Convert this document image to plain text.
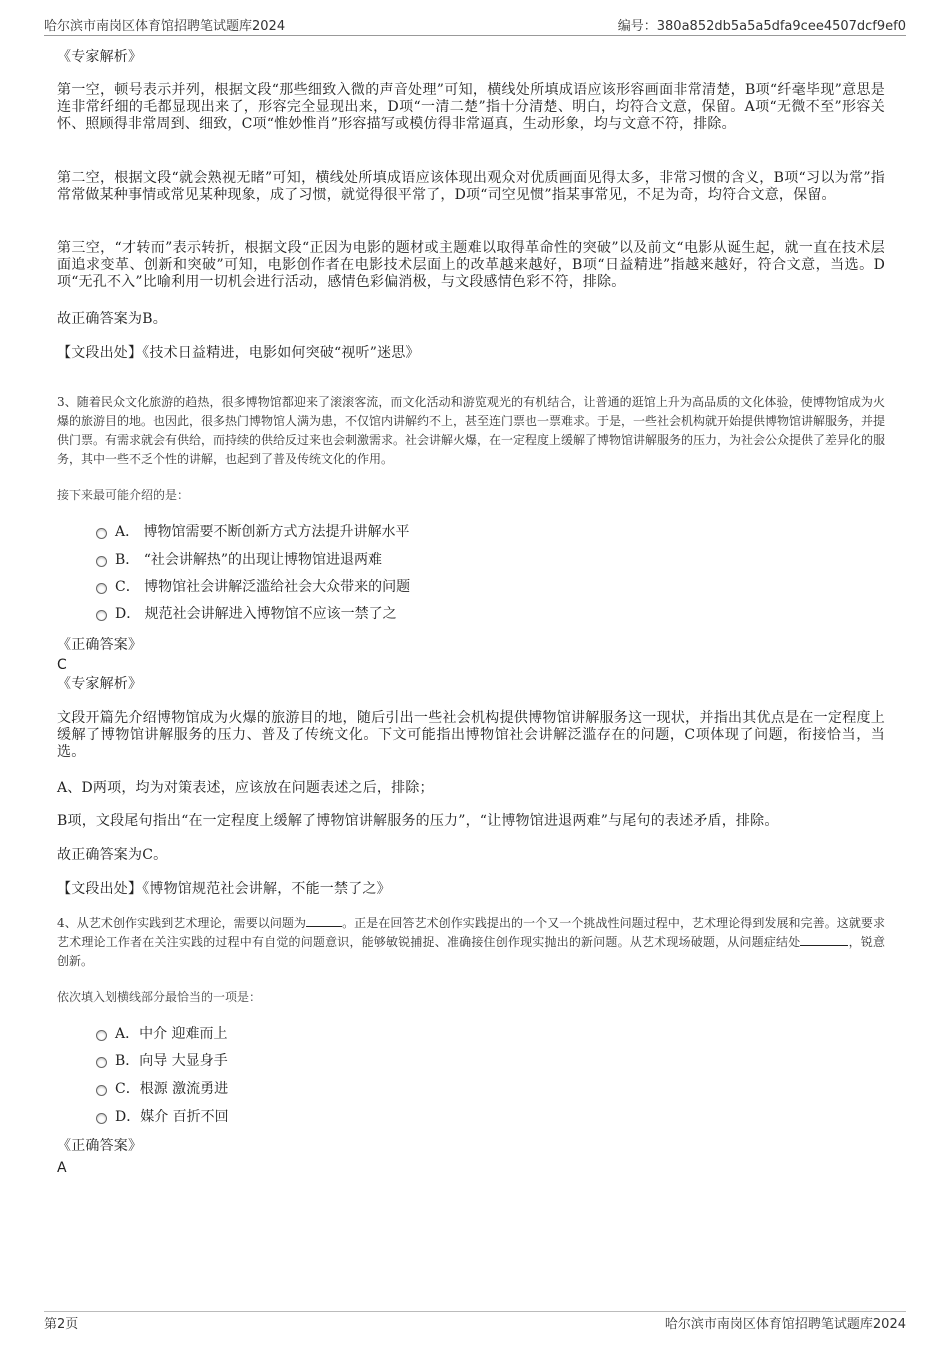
哈尔滨市南岗区体育馆招聘笔试题库2024	编号：380a852db5a5a5dfa9cee4507dcf9ef0

《专家解析》

第一空，顿号表示并列，根据文段“那些细致入微的声音处理”可知，横线处所填成语应该形容画面非常清楚，B项“纤毫毕现”意思是连非常纤细的毛都显现出来了，形容完全显现出来，D项“一清二楚”指十分清楚、明白，均符合文意，保留。A项“无微不至”形容关怀、照顾得非常周到、细致，C项“惟妙惟肖”形容描写或模仿得非常逼真，生动形象，均与文意不符，排除。

第二空，根据文段“就会熟视无睹”可知，横线处所填成语应该体现出观众对优质画面见得太多，非常习惯的含义，B项“习以为常”指常常做某种事情或常见某种现象，成了习惯，就觉得很平常了，D项“司空见惯”指某事常见，不足为奇，均符合文意，保留。

第三空，“才转而”表示转折，根据文段“正因为电影的题材或主题难以取得革命性的突破”以及前文“电影从诞生起，就一直在技术层面追求变革、创新和突破”可知，电影创作者在电影技术层面上的改革越来越好，B项“日益精进”指越来越好，符合文意，当选。D项“无孔不入”比喻利用一切机会进行活动，感情色彩偏消极，与文段感情色彩不符，排除。

故正确答案为B。

【文段出处】《技术日益精进，电影如何突破“视听”迷思》

3、随着民众文化旅游的趋热，很多博物馆都迎来了滚滚客流，而文化活动和游览观光的有机结合，让普通的逛馆上升为高品质的文化体验，使博物馆成为火爆的旅游目的地。也因此，很多热门博物馆人满为患，不仅馆内讲解约不上，甚至连门票也一票难求。于是，一些社会机构就开始提供博物馆讲解服务，并提供门票。有需求就会有供给，而持续的供给反过来也会刺激需求。社会讲解火爆，在一定程度上缓解了博物馆讲解服务的压力，为社会公众提供了差异化的服务，其中一些不乏个性的讲解，也起到了普及传统文化的作用。

接下来最可能介绍的是：

A． 博物馆需要不断创新方式方法提升讲解水平
B． “社会讲解热”的出现让博物馆进退两难
C． 博物馆社会讲解泛滥给社会大众带来的问题
D． 规范社会讲解进入博物馆不应该一禁了之

《正确答案》

C

《专家解析》

文段开篇先介绍博物馆成为火爆的旅游目的地，随后引出一些社会机构提供博物馆讲解服务这一现状，并指出其优点是在一定程度上缓解了博物馆讲解服务的压力、普及了传统文化。下文可能指出博物馆社会讲解泛滥存在的问题，C项体现了问题，衔接恰当，当选。

A、D两项，均为对策表述，应该放在问题表述之后，排除；

B项，文段尾句指出“在一定程度上缓解了博物馆讲解服务的压力”，“让博物馆进退两难”与尾句的表述矛盾，排除。

故正确答案为C。

【文段出处】《博物馆规范社会讲解，不能一禁了之》

4、从艺术创作实践到艺术理论，需要以问题为	。正是在回答艺术创作实践提出的一个又一个挑战性问题过程中，艺术理论得到发展和完善。这就要求艺术理论工作者在关注实践的过程中有自觉的问题意识，能够敏锐捕捉、准确接住创作现实抛出的新问题。从艺术现场破题，从问题症结处	，锐意创新。

依次填入划横线部分最恰当的一项是：

A．中介 迎难而上
B．向导 大显身手
C．根源 激流勇进
D．媒介 百折不回

《正确答案》

A
第2页	哈尔滨市南岗区体育馆招聘笔试题库2024
